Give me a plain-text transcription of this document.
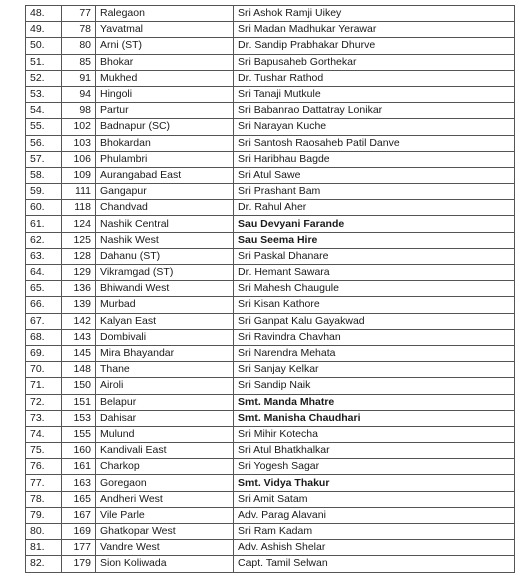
48.	77	Ralegaon	Sri Ashok Ramji Uikey
49.	78	Yavatmal	Sri Madan Madhukar Yerawar
50.	80	Arni (ST)	Dr. Sandip Prabhakar Dhurve
51.	85	Bhokar	Sri Bapusaheb Gorthekar
52.	91	Mukhed	Dr. Tushar Rathod
53.	94	Hingoli	Sri Tanaji Mutkule
54.	98	Partur	Sri Babanrao Dattatray Lonikar
55.	102	Badnapur (SC)	Sri Narayan Kuche
56.	103	Bhokardan	Sri Santosh Raosaheb Patil Danve
57.	106	Phulambri	Sri Haribhau Bagde
58.	109	Aurangabad East	Sri Atul Sawe
59.	111	Gangapur	Sri Prashant Bam
60.	118	Chandvad	Dr. Rahul Aher
61.	124	Nashik Central	Sau Devyani Farande
62.	125	Nashik West	Sau Seema Hire
63.	128	Dahanu (ST)	Sri Paskal Dhanare
64.	129	Vikramgad (ST)	Dr. Hemant Sawara
65.	136	Bhiwandi West	Sri Mahesh Chaugule
66.	139	Murbad	Sri Kisan Kathore
67.	142	Kalyan East	Sri Ganpat Kalu Gayakwad
68.	143	Dombivali	Sri Ravindra Chavhan
69.	145	Mira Bhayandar	Sri Narendra Mehata
70.	148	Thane	Sri Sanjay Kelkar
71.	150	Airoli	Sri Sandip Naik
72.	151	Belapur	Smt. Manda Mhatre
73.	153	Dahisar	Smt. Manisha Chaudhari
74.	155	Mulund	Sri Mihir Kotecha
75.	160	Kandivali East	Sri Atul Bhatkhalkar
76.	161	Charkop	Sri Yogesh Sagar
77.	163	Goregaon	Smt. Vidya Thakur
78.	165	Andheri West	Sri Amit Satam
79.	167	Vile Parle	Adv. Parag Alavani
80.	169	Ghatkopar West	Sri Ram Kadam
81.	177	Vandre West	Adv. Ashish Shelar
82.	179	Sion Koliwada	Capt. Tamil Selwan
